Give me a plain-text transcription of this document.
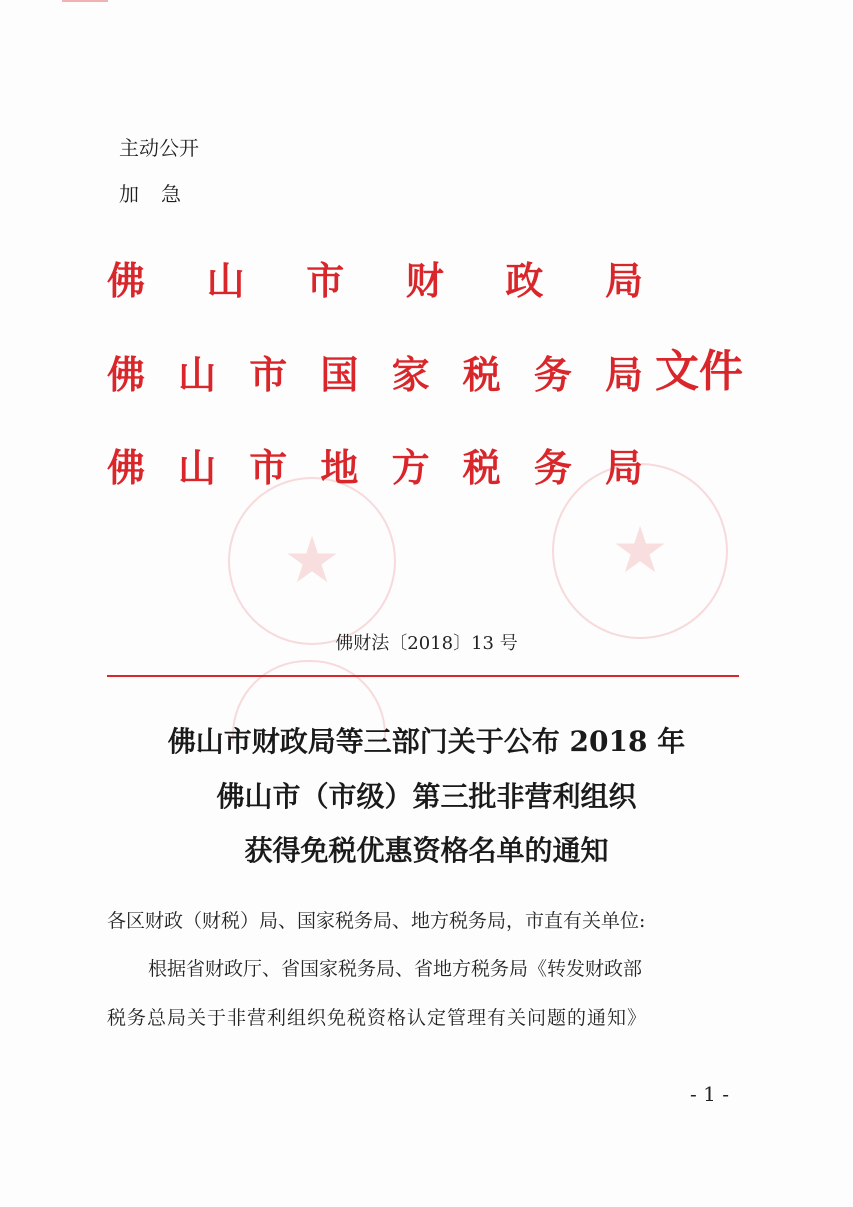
主动公开
加急
★	★
佛 山 市 财 政 局
佛 山 市 国 家 税 务 局 文件
佛 山 市 地 方 税 务 局
佛财法〔2018〕13 号
佛山市财政局等三部门关于公布 2018 年
佛山市（市级）第三批非营利组织
获得免税优惠资格名单的通知
各区财政（财税）局、国家税务局、地方税务局，市直有关单位:
根据省财政厅、省国家税务局、省地方税务局《转发财政部
税务总局关于非营利组织免税资格认定管理有关问题的通知》
- 1 -
